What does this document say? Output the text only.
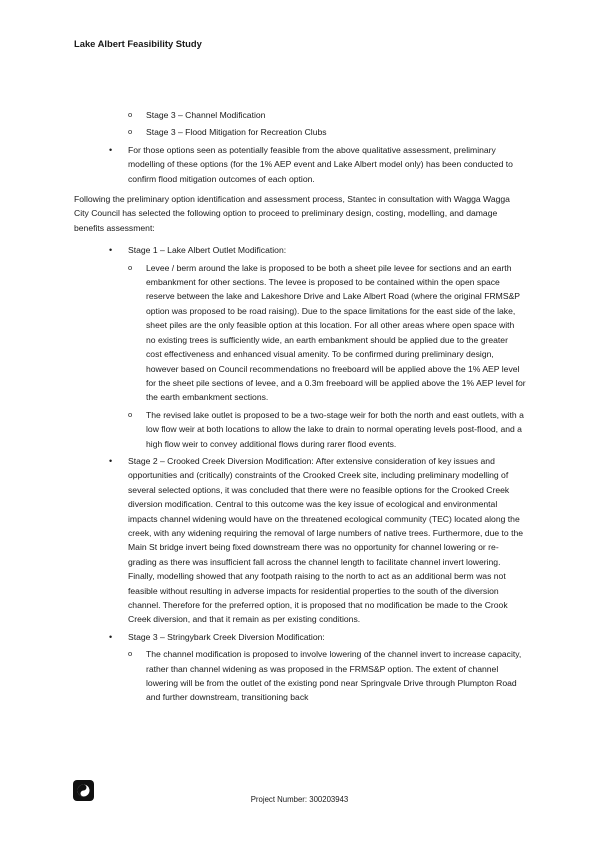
Lake Albert Feasibility Study
o Stage 3 – Channel Modification
o Stage 3 – Flood Mitigation for Recreation Clubs
• For those options seen as potentially feasible from the above qualitative assessment, preliminary modelling of these options (for the 1% AEP event and Lake Albert model only) has been conducted to confirm flood mitigation outcomes of each option.

Following the preliminary option identification and assessment process, Stantec in consultation with Wagga Wagga City Council has selected the following option to proceed to preliminary design, costing, modelling, and damage benefits assessment:

• Stage 1 – Lake Albert Outlet Modification:
o Levee / berm around the lake is proposed to be both a sheet pile levee for sections and an earth embankment for other sections. The levee is proposed to be contained within the open space reserve between the lake and Lakeshore Drive and Lake Albert Road (where the original FRMS&P option was proposed to be road raising). Due to the space limitations for the east side of the lake, sheet piles are the only feasible option at this location. For all other areas where open space with no existing trees is sufficiently wide, an earth embankment should be applied due to the greater cost effectiveness and enhanced visual amenity. To be confirmed during preliminary design, however based on Council recommendations no freeboard will be applied above the 1% AEP level for the sheet pile sections of levee, and a 0.3m freeboard will be applied above the 1% AEP level for the earth embankment sections.
o The revised lake outlet is proposed to be a two-stage weir for both the north and east outlets, with a low flow weir at both locations to allow the lake to drain to normal operating levels post-flood, and a high flow weir to convey additional flows during rarer flood events.
• Stage 2 – Crooked Creek Diversion Modification: After extensive consideration of key issues and opportunities and (critically) constraints of the Crooked Creek site, including preliminary modelling of several selected options, it was concluded that there were no feasible options for the Crooked Creek diversion modification. Central to this outcome was the key issue of ecological and environmental impacts channel widening would have on the threatened ecological community (TEC) located along the creek, with any widening requiring the removal of large numbers of native trees. Furthermore, due to the Main St bridge invert being fixed downstream there was no opportunity for channel lowering or re-grading as there was insufficient fall across the channel length to facilitate channel invert lowering. Finally, modelling showed that any footpath raising to the north to act as an additional berm was not feasible without resulting in adverse impacts for residential properties to the south of the diversion channel. Therefore for the preferred option, it is proposed that no modification be made to the Crook Creek diversion, and that it remain as per existing conditions.
• Stage 3 – Stringybark Creek Diversion Modification:
o The channel modification is proposed to involve lowering of the channel invert to increase capacity, rather than channel widening as was proposed in the FRMS&P option. The extent of channel lowering will be from the outlet of the existing pond near Springvale Drive through Plumpton Road and further downstream, transitioning back
Project Number: 300203943
